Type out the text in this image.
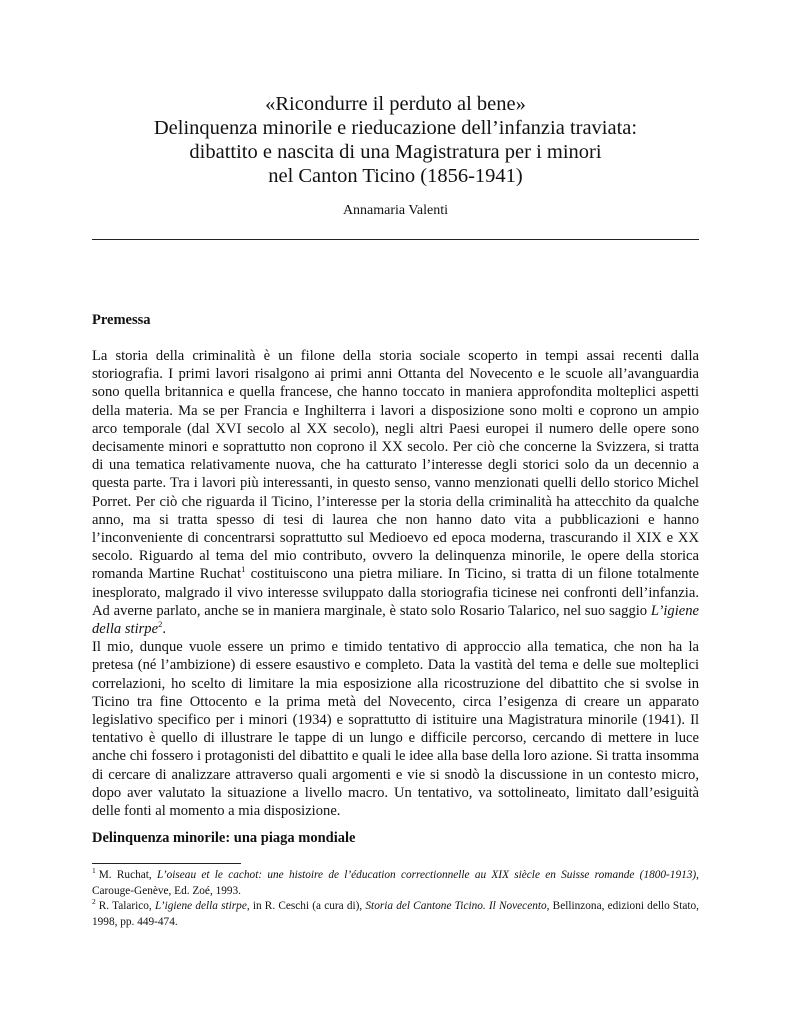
«Ricondurre il perduto al bene»
Delinquenza minorile e rieducazione dell’infanzia traviata:
dibattito e nascita di una Magistratura per i minori
nel Canton Ticino (1856-1941)
Annamaria Valenti
Premessa

La storia della criminalità è un filone della storia sociale scoperto in tempi assai recenti dalla storiografia. I primi lavori risalgono ai primi anni Ottanta del Novecento e le scuole all’avanguardia sono quella britannica e quella francese, che hanno toccato in maniera approfondita molteplici aspetti della materia. Ma se per Francia e Inghilterra i lavori a disposizione sono molti e coprono un ampio arco temporale (dal XVI secolo al XX secolo), negli altri Paesi europei il numero delle opere sono decisamente minori e soprattutto non coprono il XX secolo. Per ciò che concerne la Svizzera, si tratta di una tematica relativamente nuova, che ha catturato l’interesse degli storici solo da un decennio a questa parte. Tra i lavori più interessanti, in questo senso, vanno menzionati quelli dello storico Michel Porret. Per ciò che riguarda il Ticino, l’interesse per la storia della criminalità ha attecchito da qualche anno, ma si tratta spesso di tesi di laurea che non hanno dato vita a pubblicazioni e hanno l’inconveniente di concentrarsi soprattutto sul Medioevo ed epoca moderna, trascurando il XIX e XX secolo. Riguardo al tema del mio contributo, ovvero la delinquenza minorile, le opere della storica romanda Martine Ruchat$^1$ costituiscono una pietra miliare. In Ticino, si tratta di un filone totalmente inesplorato, malgrado il vivo interesse sviluppato dalla storiografia ticinese nei confronti dell’infanzia. Ad averne parlato, anche se in maniera marginale, è stato solo Rosario Talarico, nel suo saggio L’igiene della stirpe$^2$.

Il mio, dunque vuole essere un primo e timido tentativo di approccio alla tematica, che non ha la pretesa (né l’ambizione) di essere esaustivo e completo. Data la vastità del tema e delle sue molteplici correlazioni, ho scelto di limitare la mia esposizione alla ricostruzione del dibattito che si svolse in Ticino tra fine Ottocento e la prima metà del Novecento, circa l’esigenza di creare un apparato legislativo specifico per i minori (1934) e soprattutto di istituire una Magistratura minorile (1941). Il tentativo è quello di illustrare le tappe di un lungo e difficile percorso, cercando di mettere in luce anche chi fossero i protagonisti del dibattito e quali le idee alla base della loro azione. Si tratta insomma di cercare di analizzare attraverso quali argomenti e vie si snodò la discussione in un contesto micro, dopo aver valutato la situazione a livello macro. Un tentativo, va sottolineato, limitato dall’esiguità delle fonti al momento a mia disposizione.

Delinquenza minorile: una piaga mondiale

$^1$ M. Ruchat, L’oiseau et le cachot: une histoire de l’éducation correctionnelle au XIX siècle en Suisse romande (1800-1913), Carouge-Genève, Ed. Zoé, 1993.

$^2$ R. Talarico, L’igiene della stirpe, in R. Ceschi (a cura di), Storia del Cantone Ticino. Il Novecento, Bellinzona, edizioni dello Stato, 1998, pp. 449-474.
